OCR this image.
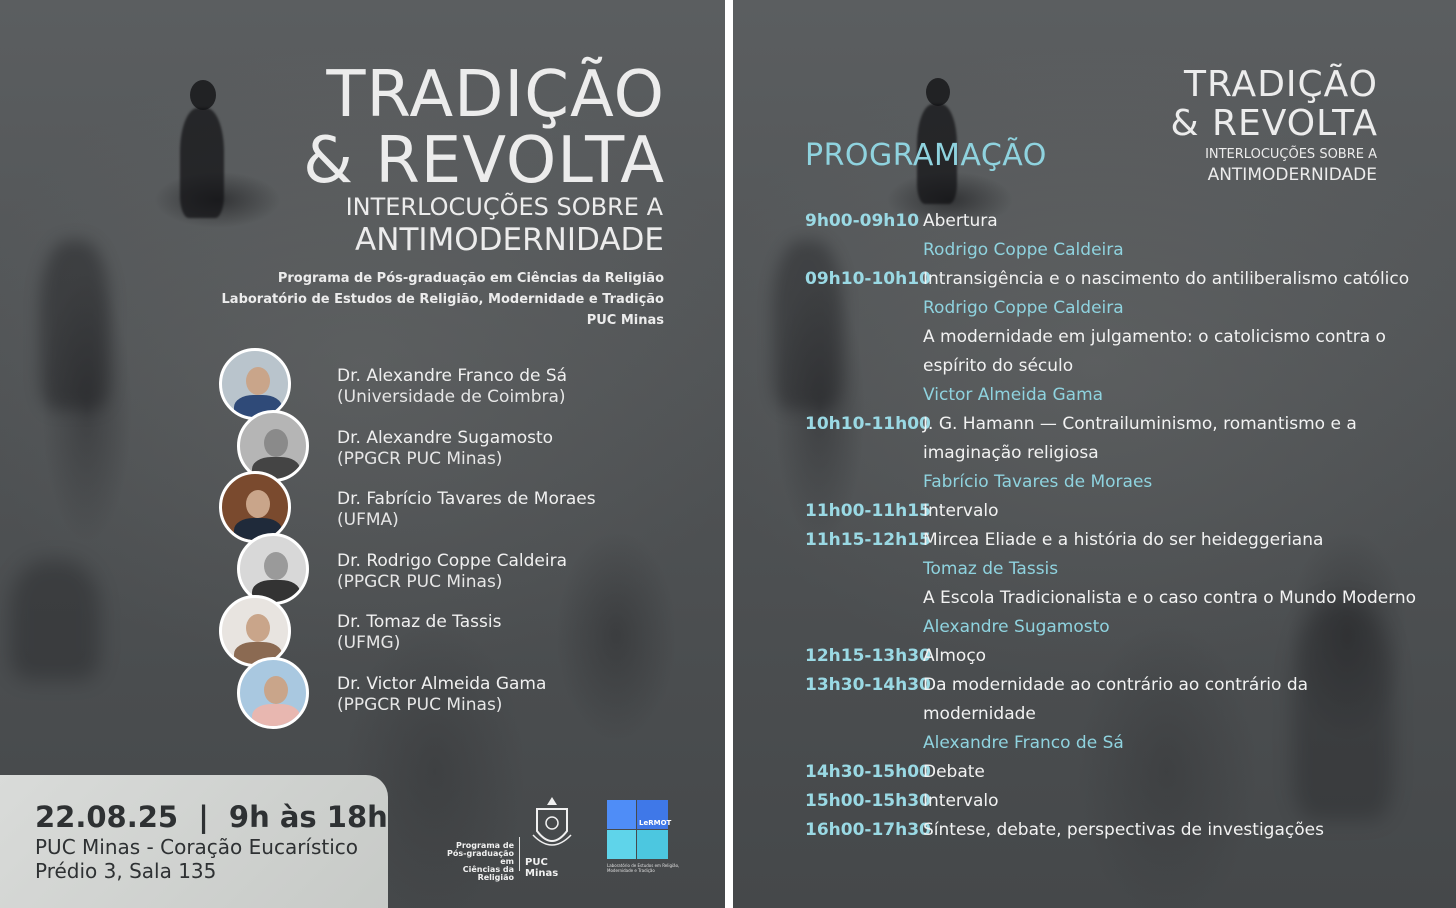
TRADIÇÃO
& REVOLTA
INTERLOCUÇÕES SOBRE A
ANTIMODERNIDADE
Programa de Pós-graduação em Ciências da Religião
Laboratório de Estudos de Religião, Modernidade e Tradição
PUC Minas
Dr. Alexandre Franco de Sá
(Universidade de Coimbra)
Dr. Alexandre Sugamosto
(PPGCR PUC Minas)
Dr. Fabrício Tavares de Moraes
(UFMA)
Dr. Rodrigo Coppe Caldeira
(PPGCR PUC Minas)
Dr. Tomaz de Tassis
(UFMG)
Dr. Victor Almeida Gama
(PPGCR PUC Minas)
22.08.25 | 9h às 18h
PUC Minas - Coração Eucarístico
Prédio 3, Sala 135
Programa de
Pós-graduação em
Ciências da Religião
PUC Minas
LeRMOT
Laboratório de Estudos em Religião,
Modernidade e Tradição
TRADIÇÃO
& REVOLTA
INTERLOCUÇÕES SOBRE A
ANTIMODERNIDADE
PROGRAMAÇÃO
9h00-09h10 Abertura
Rodrigo Coppe Caldeira
09h10-10h10
Intransigência e o nascimento do antiliberalismo católico
Rodrigo Coppe Caldeira
A modernidade em julgamento: o catolicismo contra o
espírito do século
Victor Almeida Gama
10h10-11h00
J. G. Hamann — Contrailuminismo, romantismo e a
imaginação religiosa
Fabrício Tavares de Moraes
11h00-11h15
Intervalo
11h15-12h15
Mircea Eliade e a história do ser heideggeriana
Tomaz de Tassis
A Escola Tradicionalista e o caso contra o Mundo Moderno
Alexandre Sugamosto
12h15-13h30
Almoço
13h30-14h30
Da modernidade ao contrário ao contrário da
modernidade
Alexandre Franco de Sá
14h30-15h00
Debate
15h00-15h30
Intervalo
16h00-17h30
Síntese, debate, perspectivas de investigações
